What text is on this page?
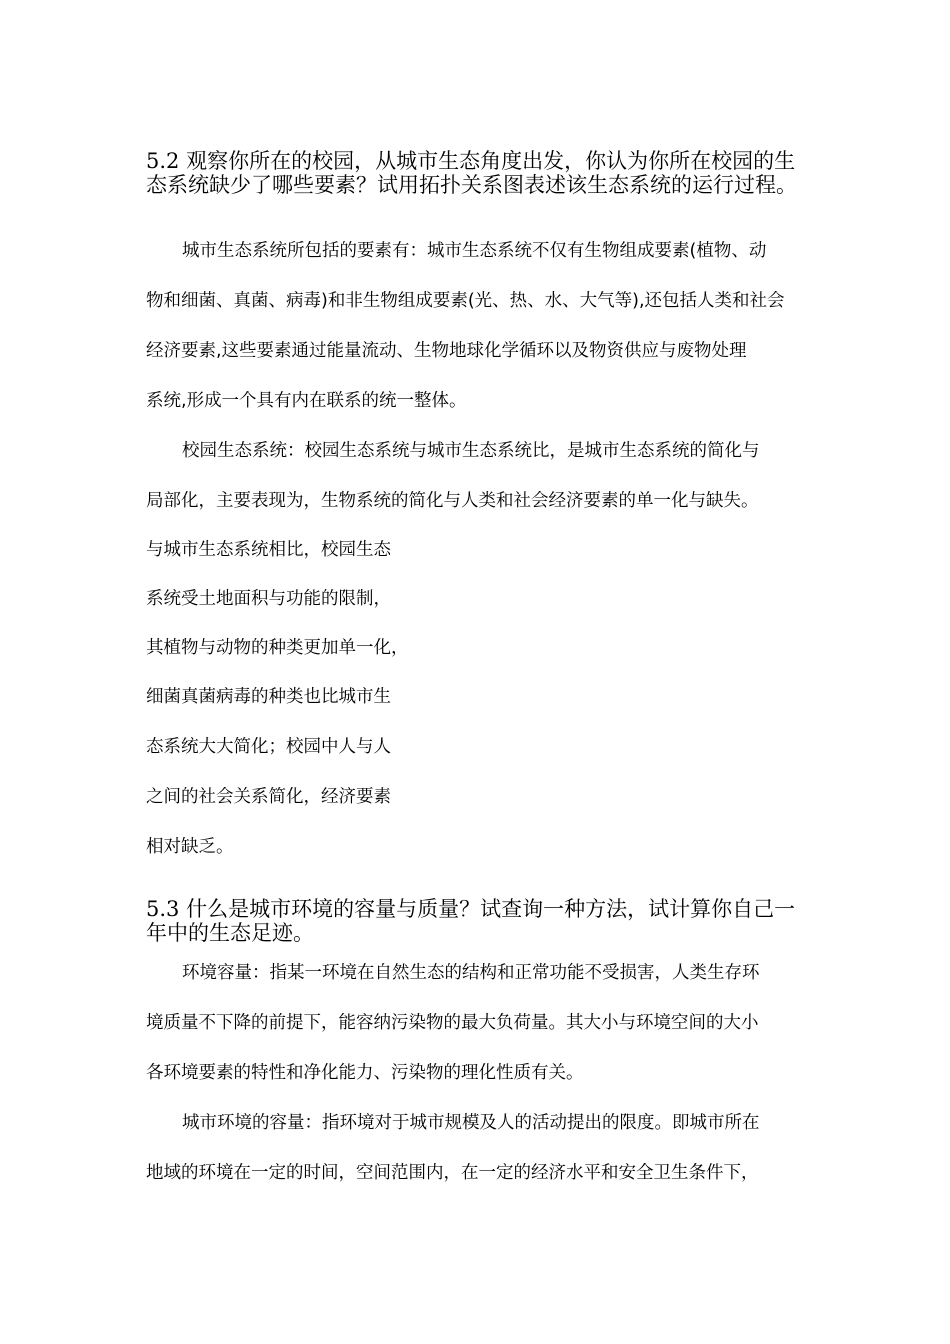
5.2 观察你所在的校园，从城市生态角度出发，你认为你所在校园的生态系统缺少了哪些要素？试用拓扑关系图表述该生态系统的运行过程。

城市生态系统所包括的要素有：城市生态系统不仅有生物组成要素(植物、动

物和细菌、真菌、病毒)和非生物组成要素(光、热、水、大气等),还包括人类和社会

经济要素,这些要素通过能量流动、生物地球化学循环以及物资供应与废物处理

系统,形成一个具有内在联系的统一整体。

校园生态系统：校园生态系统与城市生态系统比，是城市生态系统的简化与

局部化，主要表现为，生物系统的简化与人类和社会经济要素的单一化与缺失。

与城市生态系统相比，校园生态

系统受土地面积与功能的限制，

其植物与动物的种类更加单一化，

细菌真菌病毒的种类也比城市生

态系统大大简化；校园中人与人

之间的社会关系简化，经济要素

相对缺乏。

5.3 什么是城市环境的容量与质量？试查询一种方法，试计算你自己一年中的生态足迹。

环境容量：指某一环境在自然生态的结构和正常功能不受损害，人类生存环

境质量不下降的前提下，能容纳污染物的最大负荷量。其大小与环境空间的大小

各环境要素的特性和净化能力、污染物的理化性质有关。

城市环境的容量：指环境对于城市规模及人的活动提出的限度。即城市所在

地域的环境在一定的时间，空间范围内，在一定的经济水平和安全卫生条件下，
